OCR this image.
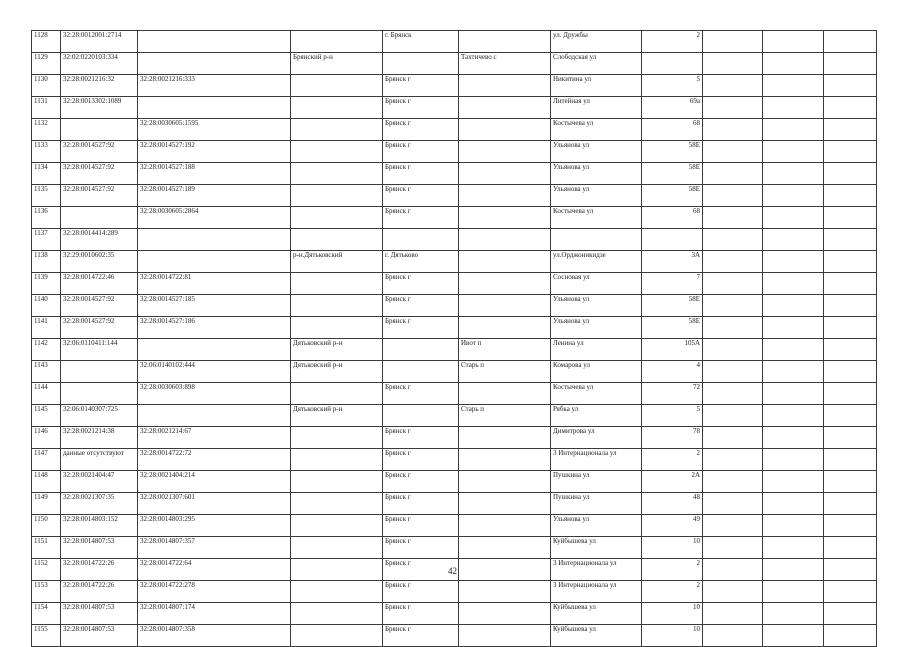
1128	32:28:0012001:2714			г. Брянск		ул. Дружбы	2			
1129	32:02:0220103:334		Брянский р-н		Тахтичево с	Слободская ул				
1130	32:28:0021216:32	32:28:0021216:333		Брянск г		Никитина ул	5			
1131	32:28:0013302:1089			Брянск г		Литейная ул	69а			
1132		32:28:0030605:1595		Брянск г		Костычева ул	68			
1133	32:28:0014527:92	32:28:0014527:192		Брянск г		Ульянова ул	58Е			
1134	32:28:0014527:92	32:28:0014527:188		Брянск г		Ульянова ул	58Е			
1135	32:28:0014527:92	32:28:0014527:189		Брянск г		Ульянова ул	58Е			
1136		32:28:0030605:2864		Брянск г		Костычева ул	68			
1137	32:28:0014414:289									
1138	32:29:0010602:35		р-н.Дятьковский	г. Дятьково		ул.Орджоникидзе	3А			
1139	32:28:0014722:46	32:28:0014722:81		Брянск г		Сосновая ул	7			
1140	32:28:0014527:92	32:28:0014527:185		Брянск г		Ульянова ул	58Е			
1141	32:28:0014527:92	32:28:0014527:186		Брянск г		Ульянова ул	58Е			
1142	32:06:0110411:144		Дятьковский р-н		Ивот п	Ленина ул	105А			
1143		32:06:0140102:444	Дятьковский р-н		Старь п	Комарова ул	4			
1144		32:28:0030603:898		Брянск г		Костычева ул	72			
1145	32:06:0140307:725		Дятьковский р-н		Старь п	Рябка ул	5			
1146	32:28:0021214:38	32:28:0021214:67		Брянск г		Димитрова ул	78			
1147	данные отсутствуют	32:28:0014722:72		Брянск г		3 Интернационала ул	2			
1148	32:28:0021404:47	32:28:0021404:214		Брянск г		Пушкина ул	2А			
1149	32:28:0021307:35	32:28:0021307:601		Брянск г		Пушкина ул	48			
1150	32:28:0014803:152	32:28:0014803:295		Брянск г		Ульянова ул	49			
1151	32:28:0014807:53	32:28:0014807:357		Брянск г		Куйбышева ул	10			
1152	32:28:0014722:26	32:28:0014722:64		Брянск г		3 Интернационала ул	2			
1153	32:28:0014722:26	32:28:0014722:278		Брянск г		3 Интернационала ул	2			
1154	32:28:0014807:53	32:28:0014807:174		Брянск г		Куйбышева ул	10			
1155	32:28:0014807:53	32:28:0014807:358		Брянск г		Куйбышева ул	10			
42
